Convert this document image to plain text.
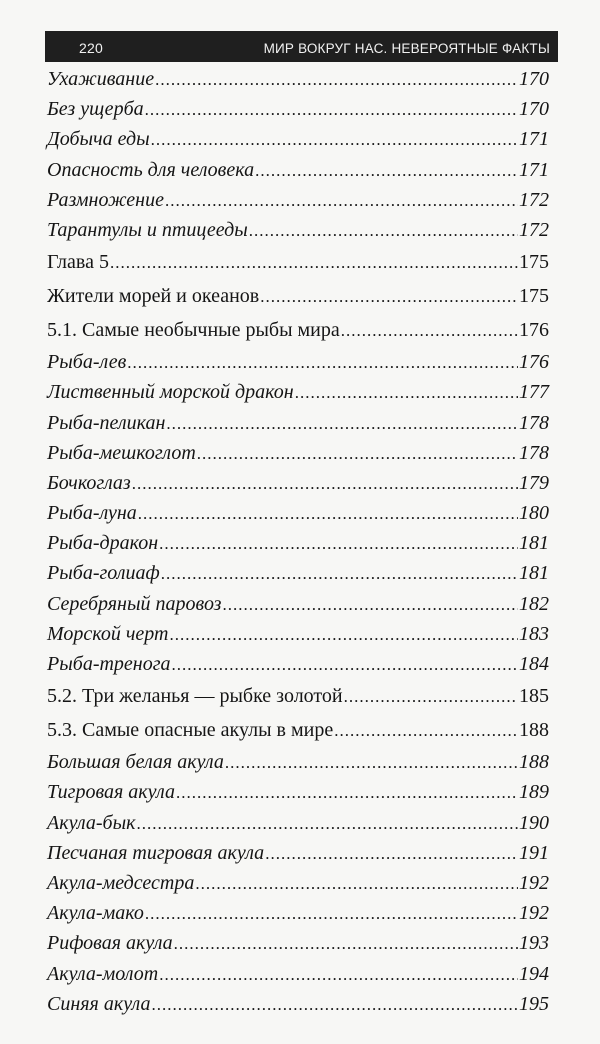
220	МИР ВОКРУГ НАС. НЕВЕРОЯТНЫЕ ФАКТЫ
Ухаживание .....	170
Без ущерба .....	170
Добыча еды .....	171
Опасность для человека .....	171
Размножение .....	172
Тарантулы и птицееды .....	172
Глава 5 .....	175
Жители морей и океанов .....	175
5.1. Самые необычные рыбы мира .....	176
Рыба-лев .....	176
Лиственный морской дракон .....	177
Рыба-пеликан .....	178
Рыба-мешкоглот .....	178
Бочкоглаз .....	179
Рыба-луна .....	180
Рыба-дракон .....	181
Рыба-голиаф .....	181
Серебряный паровоз .....	182
Морской черт .....	183
Рыба-тренога .....	184
5.2. Три желанья — рыбке золотой .....	185
5.3. Самые опасные акулы в мире .....	188
Большая белая акула .....	188
Тигровая акула .....	189
Акула-бык .....	190
Песчаная тигровая акула .....	191
Акула-медсестра .....	192
Акула-мако .....	192
Рифовая акула .....	193
Акула-молот .....	194
Синяя акула .....	195
